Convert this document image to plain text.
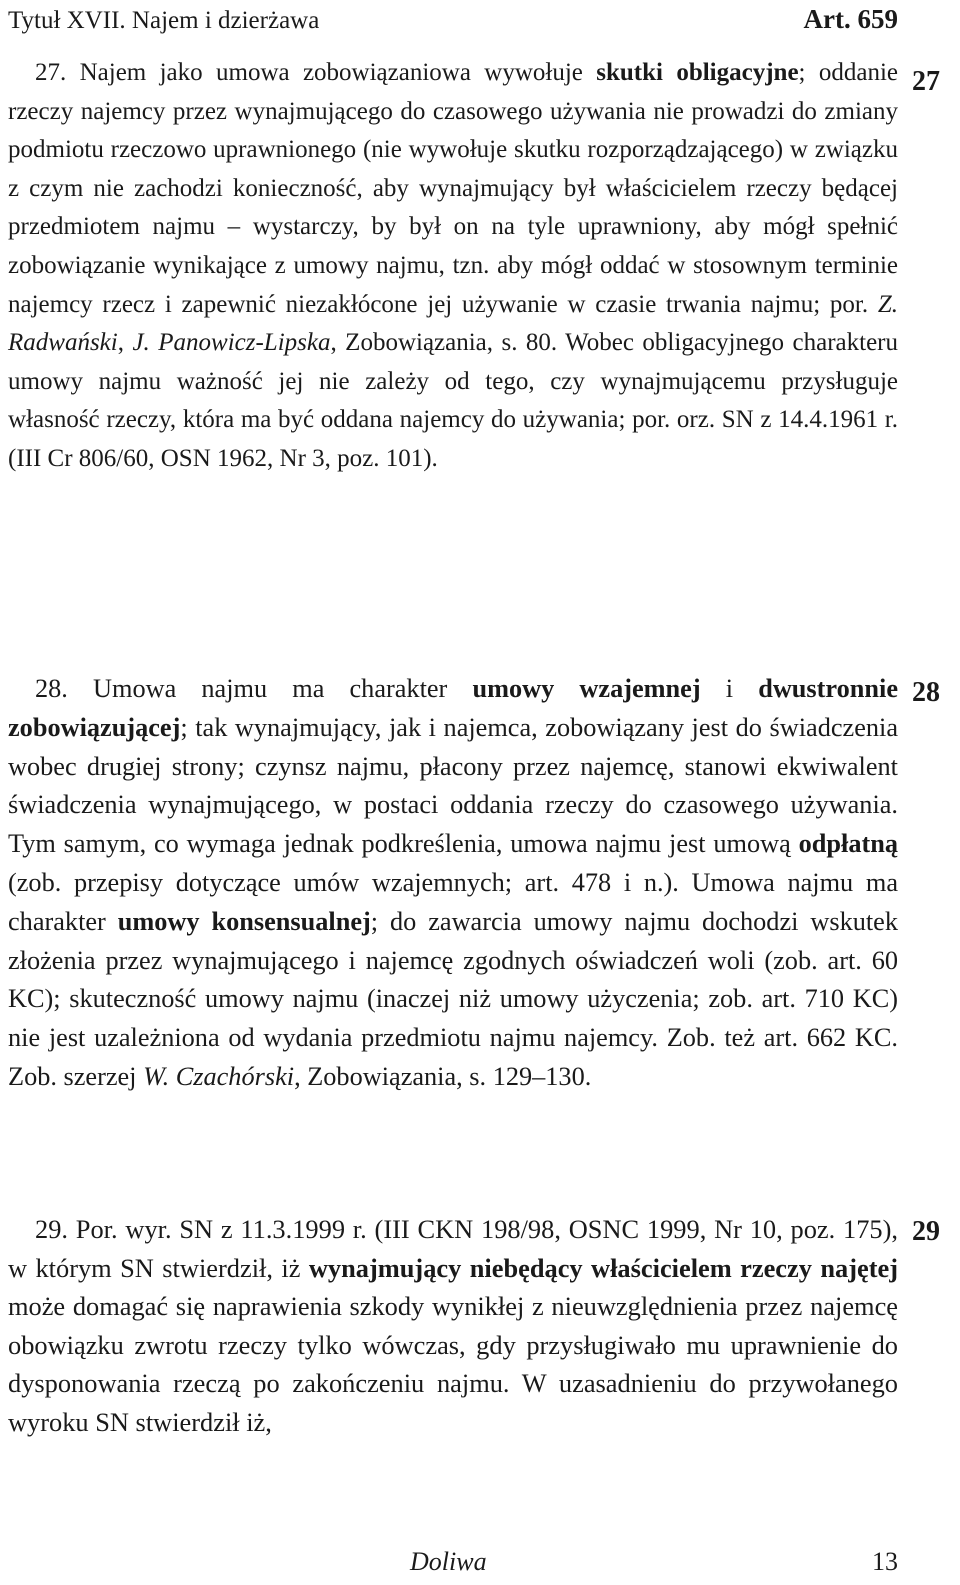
Tytuł XVII. Najem i dzierżawa	Art. 659
27. Najem jako umowa zobowiązaniowa wywołuje skutki obligacyjne; oddanie rzeczy najemcy przez wynajmującego do czasowego używania nie prowadzi do zmiany podmiotu rzeczowo uprawnionego (nie wywołuje skutku rozporządzającego) w związku z czym nie zachodzi konieczność, aby wynajmujący był właścicielem rzeczy będącej przedmiotem najmu – wystarczy, by był on na tyle uprawniony, aby mógł spełnić zobowiązanie wynikające z umowy najmu, tzn. aby mógł oddać w stosownym terminie najemcy rzecz i zapewnić niezakłócone jej używanie w czasie trwania najmu; por. Z. Radwański, J. Panowicz-Lipska, Zobowiązania, s. 80. Wobec obligacyjnego charakteru umowy najmu ważność jej nie zależy od tego, czy wynajmującemu przysługuje własność rzeczy, która ma być oddana najemcy do używania; por. orz. SN z 14.4.1961 r. (III Cr 806/60, OSN 1962, Nr 3, poz. 101).
28. Umowa najmu ma charakter umowy wzajemnej i dwustronnie zobowiązującej; tak wynajmujący, jak i najemca, zobowiązany jest do świadczenia wobec drugiej strony; czynsz najmu, płacony przez najemcę, stanowi ekwiwalent świadczenia wynajmującego, w postaci oddania rzeczy do czasowego używania. Tym samym, co wymaga jednak podkreślenia, umowa najmu jest umową odpłatną (zob. przepisy dotyczące umów wzajemnych; art. 478 i n.). Umowa najmu ma charakter umowy konsensualnej; do zawarcia umowy najmu dochodzi wskutek złożenia przez wynajmującego i najemcę zgodnych oświadczeń woli (zob. art. 60 KC); skuteczność umowy najmu (inaczej niż umowy użyczenia; zob. art. 710 KC) nie jest uzależniona od wydania przedmiotu najmu najemcy. Zob. też art. 662 KC. Zob. szerzej W. Czachórski, Zobowiązania, s. 129–130.
29. Por. wyr. SN z 11.3.1999 r. (III CKN 198/98, OSNC 1999, Nr 10, poz. 175), w którym SN stwierdził, iż wynajmujący niebędący właścicielem rzeczy najętej może domagać się naprawienia szkody wynikłej z nieuwzględnienia przez najemcę obowiązku zwrotu rzeczy tylko wówczas, gdy przysługiwało mu uprawnienie do dysponowania rzeczą po zakończeniu najmu. W uzasadnieniu do przywołanego wyroku SN stwierdził iż,
Doliwa	13
27
28
29
